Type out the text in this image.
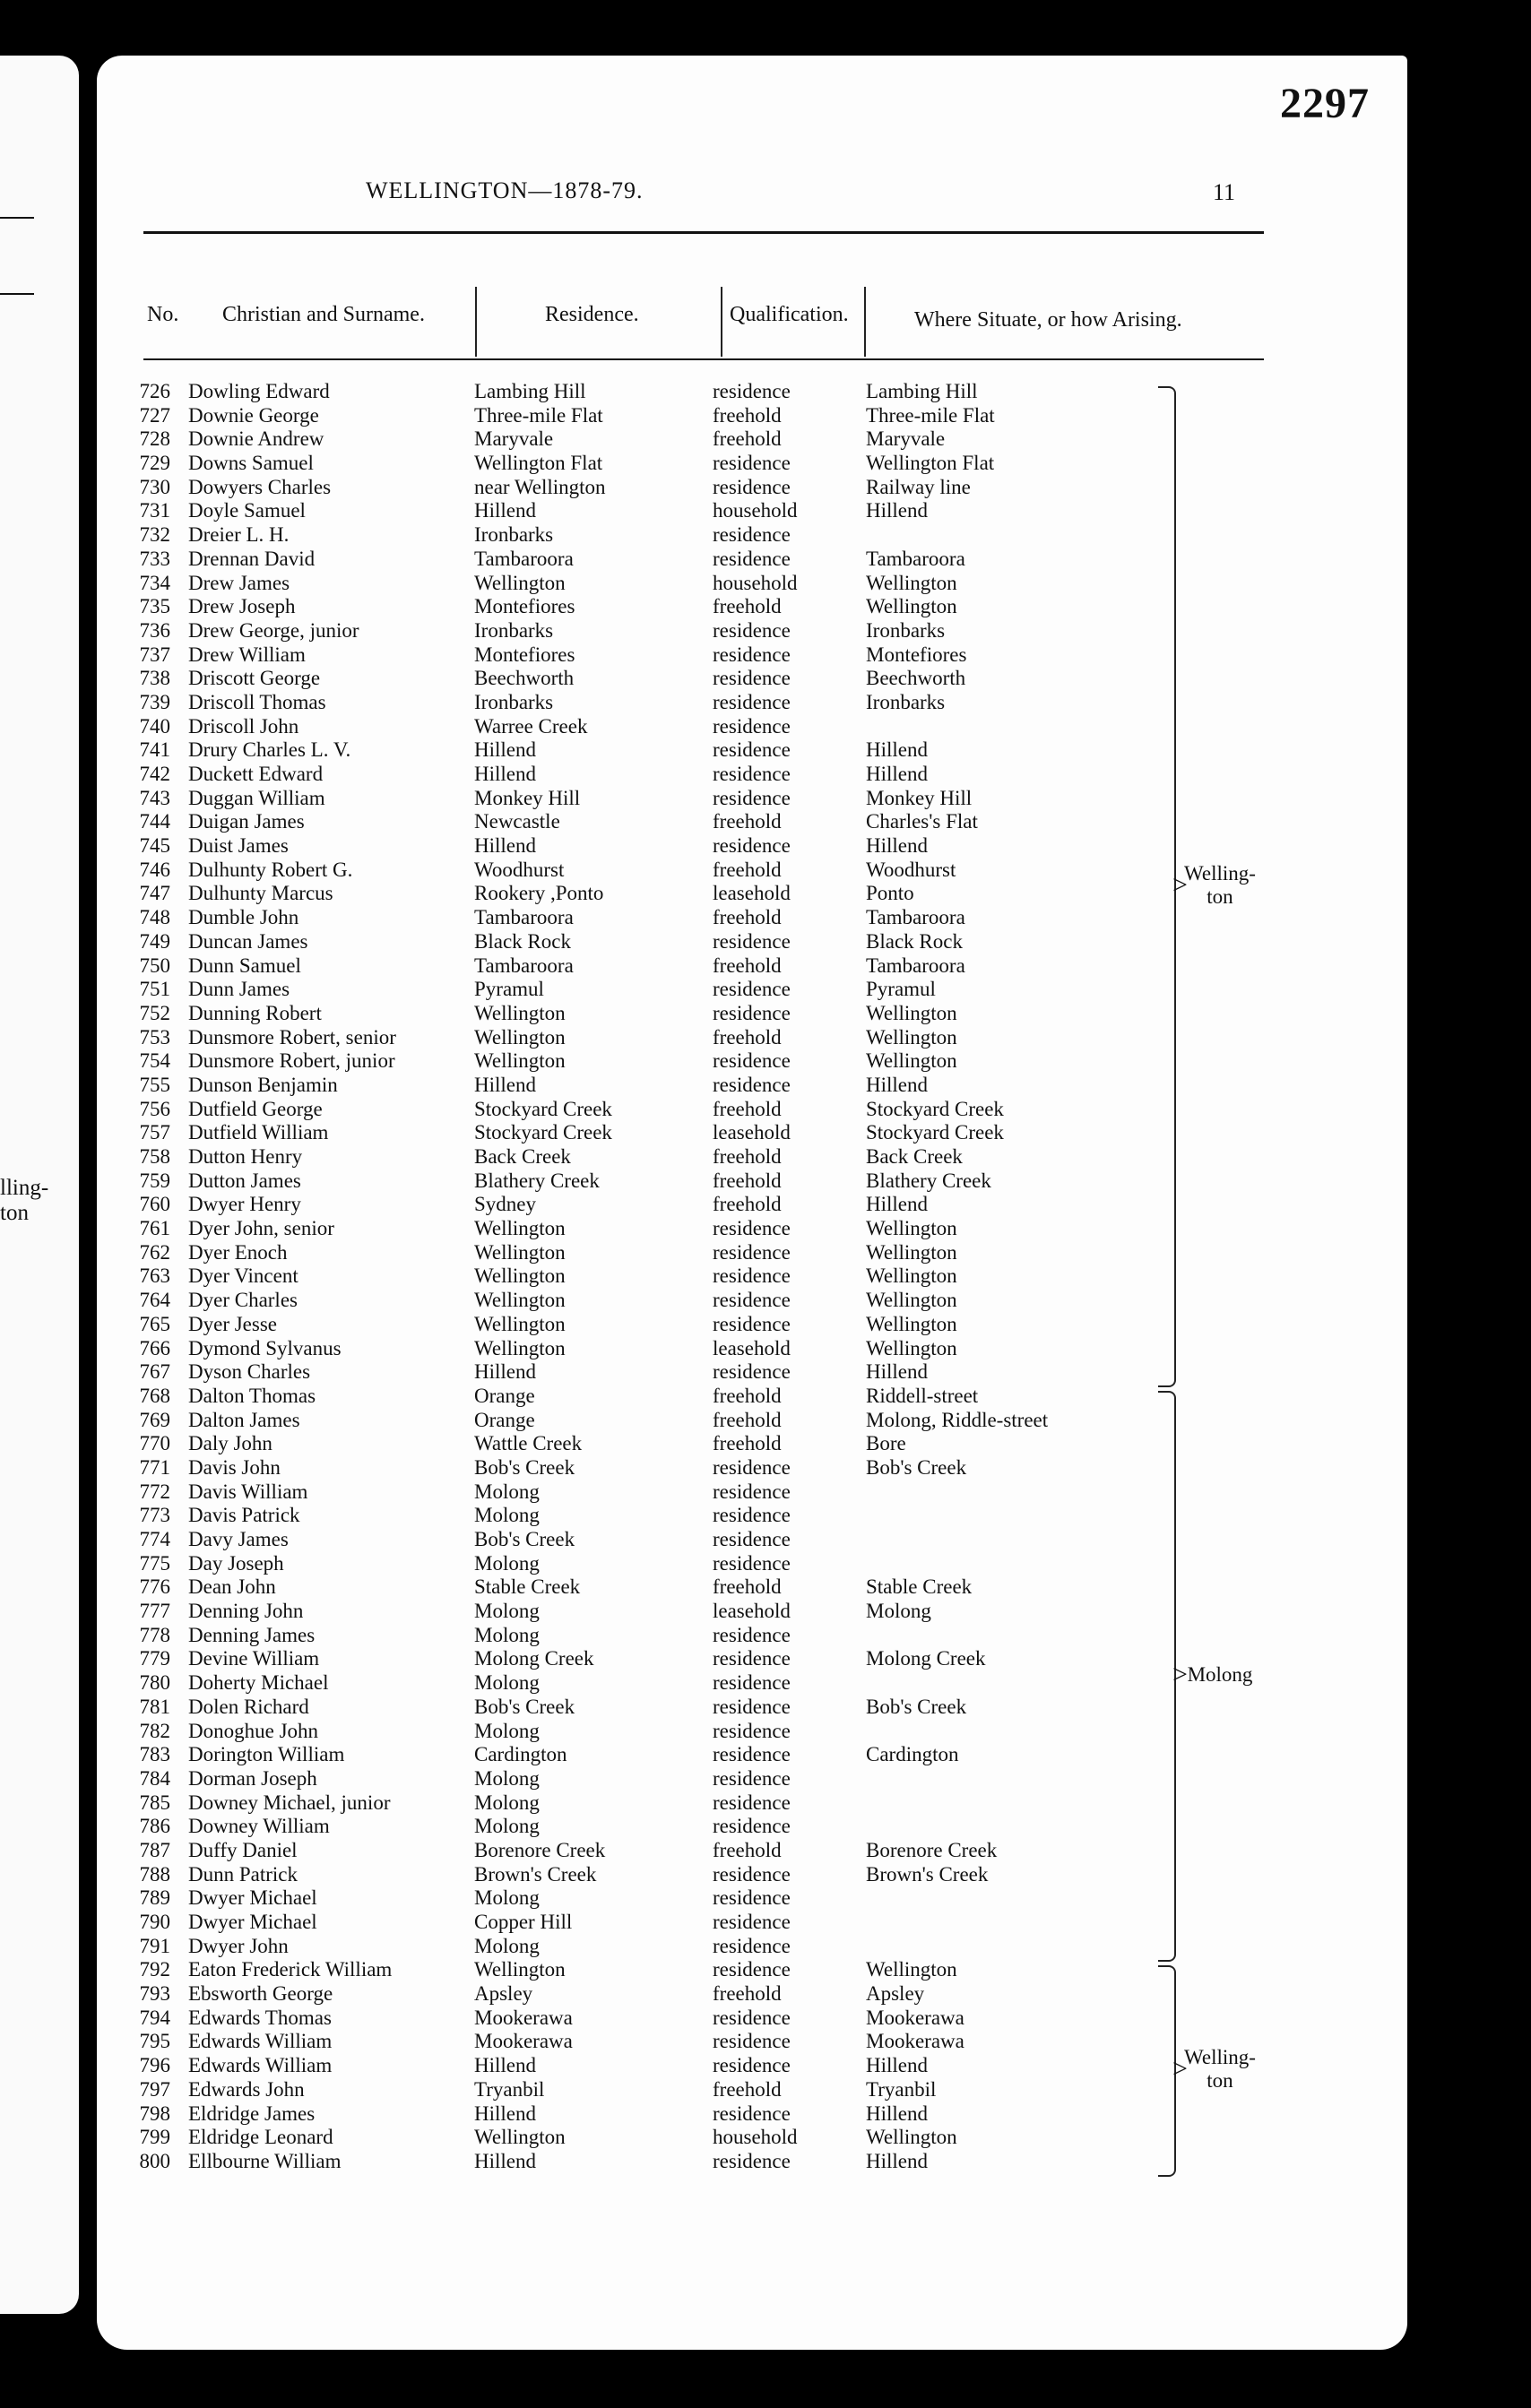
lling-
ton
2297
WELLINGTON—1878-79.	11
No. Christian and Surname.	Residence.	Qualification.	Where Situate, or how Arising.
726 Dowling Edward	Lambing Hill	residence	Lambing Hill
727 Downie George	Three-mile Flat	freehold	Three-mile Flat
728 Downie Andrew	Maryvale	freehold	Maryvale
729 Downs Samuel	Wellington Flat	residence	Wellington Flat
730 Dowyers Charles	near Wellington	residence	Railway line
731 Doyle Samuel	Hillend	household	Hillend
732 Dreier L. H.	Ironbarks	residence
733 Drennan David	Tambaroora	residence	Tambaroora
734 Drew James	Wellington	household	Wellington
735 Drew Joseph	Montefiores	freehold	Wellington
736 Drew George, junior	Ironbarks	residence	Ironbarks
737 Drew William	Montefiores	residence	Montefiores
738 Driscott George	Beechworth	residence	Beechworth
739 Driscoll Thomas	Ironbarks	residence	Ironbarks
740 Driscoll John	Warree Creek	residence
741 Drury Charles L. V.	Hillend	residence	Hillend
742 Duckett Edward	Hillend	residence	Hillend
743 Duggan William	Monkey Hill	residence	Monkey Hill
744 Duigan James	Newcastle	freehold	Charles's Flat
745 Duist James	Hillend	residence	Hillend
746 Dulhunty Robert G.	Woodhurst	freehold	Woodhurst
747 Dulhunty Marcus	Rookery ,Ponto	leasehold	Ponto
748 Dumble John	Tambaroora	freehold	Tambaroora
749 Duncan James	Black Rock	residence	Black Rock
750 Dunn Samuel	Tambaroora	freehold	Tambaroora
751 Dunn James	Pyramul	residence	Pyramul
752 Dunning Robert	Wellington	residence	Wellington
753 Dunsmore Robert, senior	Wellington	freehold	Wellington
754 Dunsmore Robert, junior	Wellington	residence	Wellington
755 Dunson Benjamin	Hillend	residence	Hillend
756 Dutfield George	Stockyard Creek	freehold	Stockyard Creek
757 Dutfield William	Stockyard Creek	leasehold	Stockyard Creek
758 Dutton Henry	Back Creek	freehold	Back Creek
759 Dutton James	Blathery Creek	freehold	Blathery Creek
760 Dwyer Henry	Sydney	freehold	Hillend
761 Dyer John, senior	Wellington	residence	Wellington
762 Dyer Enoch	Wellington	residence	Wellington
763 Dyer Vincent	Wellington	residence	Wellington
764 Dyer Charles	Wellington	residence	Wellington
765 Dyer Jesse	Wellington	residence	Wellington
766 Dymond Sylvanus	Wellington	leasehold	Wellington
767 Dyson Charles	Hillend	residence	Hillend
768 Dalton Thomas	Orange	freehold	Riddell-street
769 Dalton James	Orange	freehold	Molong, Riddle-street
770 Daly John	Wattle Creek	freehold	Bore
771 Davis John	Bob's Creek	residence	Bob's Creek
772 Davis William	Molong	residence
773 Davis Patrick	Molong	residence
774 Davy James	Bob's Creek	residence
775 Day Joseph	Molong	residence
776 Dean John	Stable Creek	freehold	Stable Creek
777 Denning John	Molong	leasehold	Molong
778 Denning James	Molong	residence
779 Devine William	Molong Creek	residence	Molong Creek
780 Doherty Michael	Molong	residence
781 Dolen Richard	Bob's Creek	residence	Bob's Creek
782 Donoghue John	Molong	residence
783 Dorington William	Cardington	residence	Cardington
784 Dorman Joseph	Molong	residence
785 Downey Michael, junior	Molong	residence
786 Downey William	Molong	residence
787 Duffy Daniel	Borenore Creek	freehold	Borenore Creek
788 Dunn Patrick	Brown's Creek	residence	Brown's Creek
789 Dwyer Michael	Molong	residence
790 Dwyer Michael	Copper Hill	residence
791 Dwyer John	Molong	residence
792 Eaton Frederick William	Wellington	residence	Wellington
793 Ebsworth George	Apsley	freehold	Apsley
794 Edwards Thomas	Mookerawa	residence	Mookerawa
795 Edwards William	Mookerawa	residence	Mookerawa
796 Edwards William	Hillend	residence	Hillend
797 Edwards John	Tryanbil	freehold	Tryanbil
798 Eldridge James	Hillend	residence	Hillend
799 Eldridge Leonard	Wellington	household	Wellington
800 Ellbourne William	Hillend	residence	Hillend
>
Welling-
ton
> Molong
>
Welling-
ton
